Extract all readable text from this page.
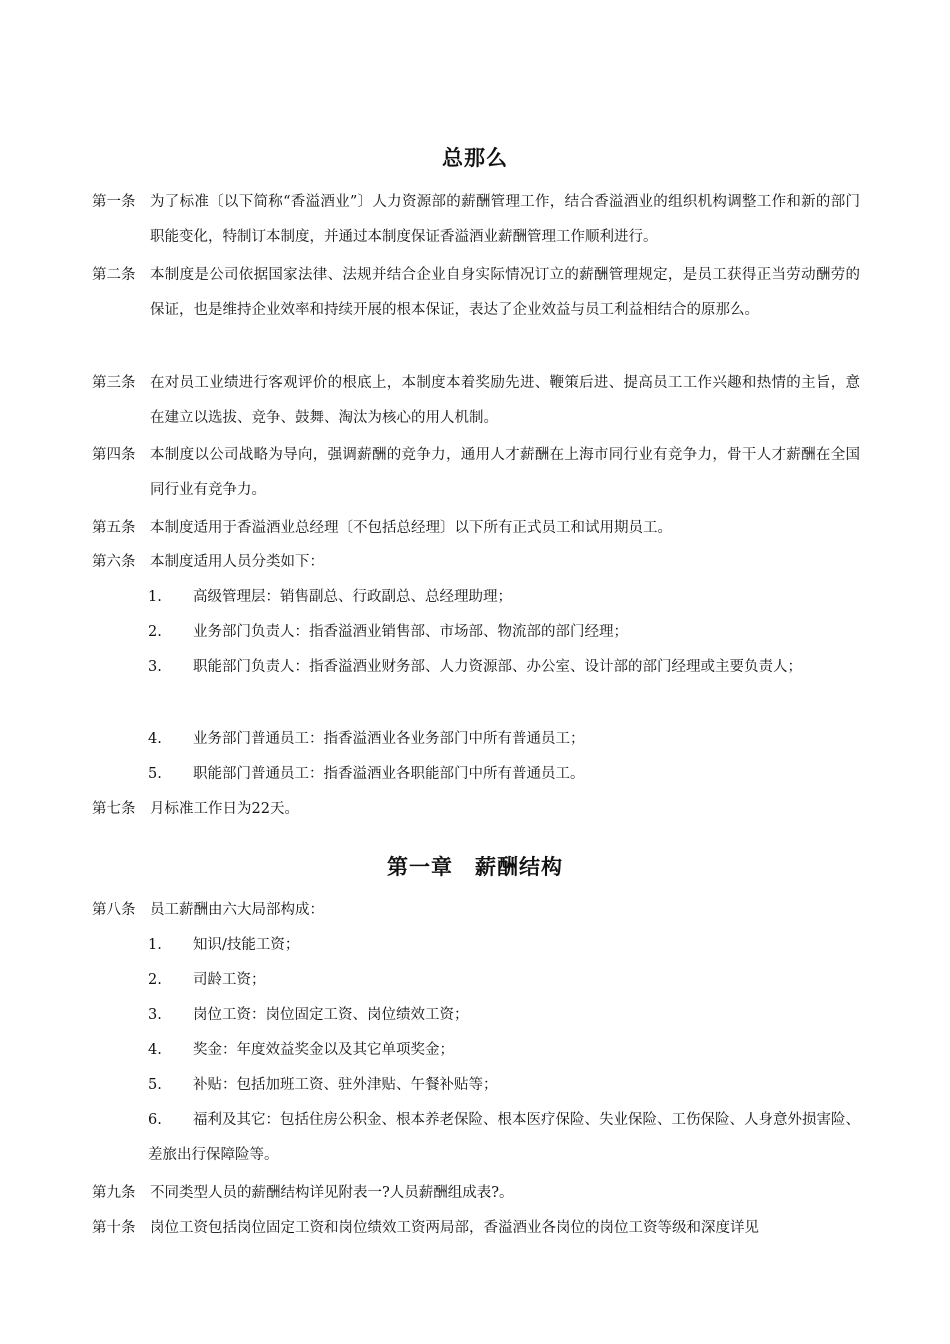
总那么
第一条 为了标准〔以下简称“香溢酒业”〕人力资源部的薪酬管理工作，结合香溢酒业的组织机构调整工作和新的部门职能变化，特制订本制度，并通过本制度保证香溢酒业薪酬管理工作顺利进行。
第二条 本制度是公司依据国家法律、法规并结合企业自身实际情况订立的薪酬管理规定，是员工获得正当劳动酬劳的保证，也是维持企业效率和持续开展的根本保证，表达了企业效益与员工利益相结合的原那么。
第三条 在对员工业绩进行客观评价的根底上，本制度本着奖励先进、鞭策后进、提高员工工作兴趣和热情的主旨，意在建立以选拔、竞争、鼓舞、淘汰为核心的用人机制。
第四条 本制度以公司战略为导向，强调薪酬的竞争力，通用人才薪酬在上海市同行业有竞争力，骨干人才薪酬在全国同行业有竞争力。
第五条 本制度适用于香溢酒业总经理〔不包括总经理〕以下所有正式员工和试用期员工。
第六条 本制度适用人员分类如下：
1.	高级管理层：销售副总、行政副总、总经理助理；
2.	业务部门负责人：指香溢酒业销售部、市场部、物流部的部门经理；
3.	职能部门负责人：指香溢酒业财务部、人力资源部、办公室、设计部的部门经理或主要负责人；
4.	业务部门普通员工：指香溢酒业各业务部门中所有普通员工；
5.	职能部门普通员工：指香溢酒业各职能部门中所有普通员工。
第七条 月标准工作日为22天。
第一章　薪酬结构
第八条 员工薪酬由六大局部构成：
1.	知识/技能工资；
2.	司龄工资；
3.	岗位工资：岗位固定工资、岗位绩效工资；
4.	奖金：年度效益奖金以及其它单项奖金；
5.	补贴：包括加班工资、驻外津贴、午餐补贴等；
6.	福利及其它：包括住房公积金、根本养老保险、根本医疗保险、失业保险、工伤保险、人身意外损害险、差旅出行保障险等。
第九条 不同类型人员的薪酬结构详见附表一?人员薪酬组成表?。
第十条 岗位工资包括岗位固定工资和岗位绩效工资两局部，香溢酒业各岗位的岗位工资等级和深度详见
